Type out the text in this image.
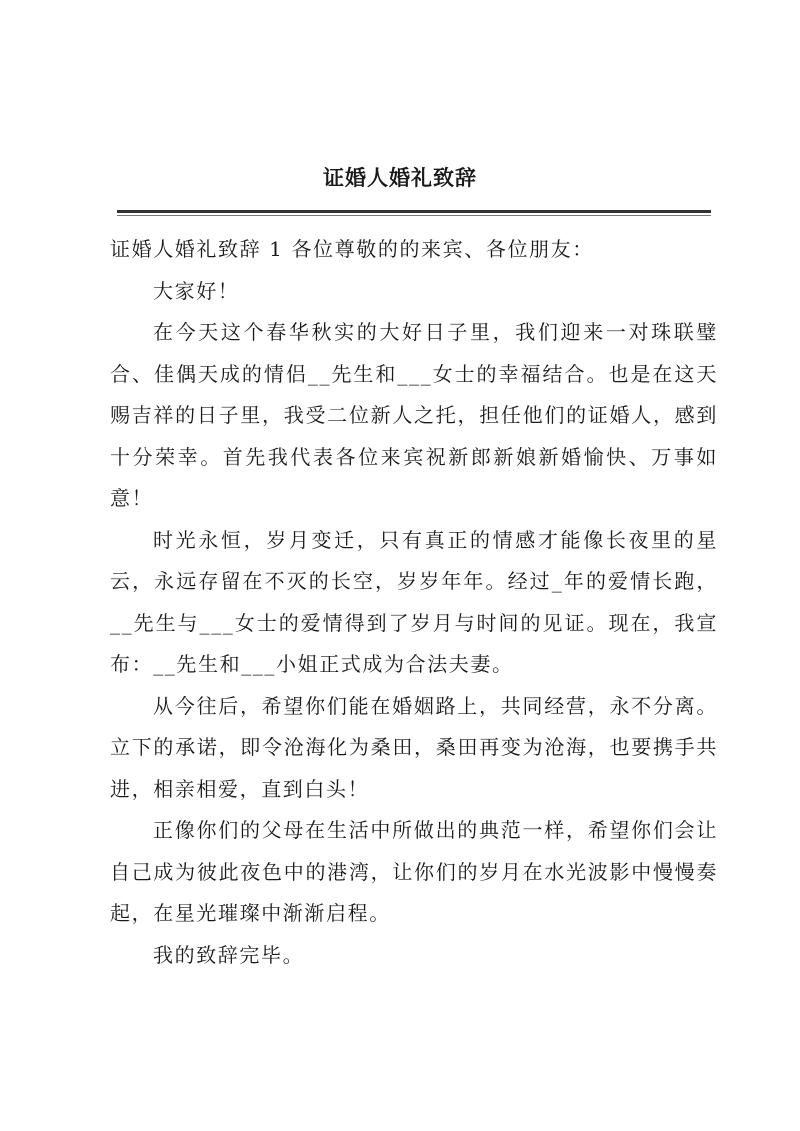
证婚人婚礼致辞

证婚人婚礼致辞 1 各位尊敬的的来宾、各位朋友：

大家好！

在今天这个春华秋实的大好日子里，我们迎来一对珠联璧合、佳偶天成的情侣__先生和___女士的幸福结合。也是在这天赐吉祥的日子里，我受二位新人之托，担任他们的证婚人，感到十分荣幸。首先我代表各位来宾祝新郎新娘新婚愉快、万事如意！

时光永恒，岁月变迁，只有真正的情感才能像长夜里的星云，永远存留在不灭的长空，岁岁年年。经过_年的爱情长跑，__先生与___女士的爱情得到了岁月与时间的见证。现在，我宣布：__先生和___小姐正式成为合法夫妻。

从今往后，希望你们能在婚姻路上，共同经营，永不分离。立下的承诺，即令沧海化为桑田，桑田再变为沧海，也要携手共进，相亲相爱，直到白头！

正像你们的父母在生活中所做出的典范一样，希望你们会让自己成为彼此夜色中的港湾，让你们的岁月在水光波影中慢慢奏起，在星光璀璨中渐渐启程。

我的致辞完毕。
